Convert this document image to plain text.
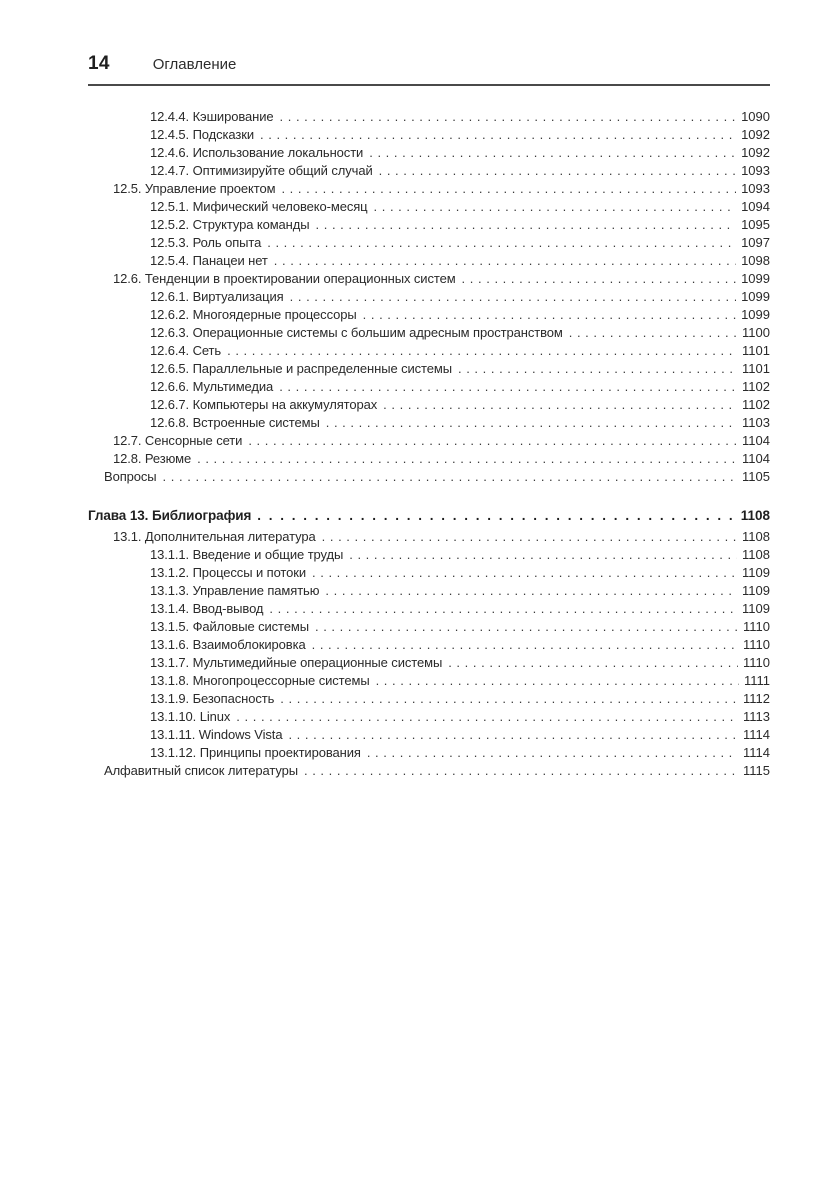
14	Оглавление
12.4.4. Кэширование . . .	1090
12.4.5. Подсказки . . .	1092
12.4.6. Использование локальности . . .	1092
12.4.7. Оптимизируйте общий случай . . .	1093
12.5. Управление проектом . . .	1093
12.5.1. Мифический человеко-месяц . . .	1094
12.5.2. Структура команды . . .	1095
12.5.3. Роль опыта . . .	1097
12.5.4. Панацеи нет . . .	1098
12.6. Тенденции в проектировании операционных систем . . .	1099
12.6.1. Виртуализация . . .	1099
12.6.2. Многоядерные процессоры . . .	1099
12.6.3. Операционные системы с большим адресным пространством . . .	1100
12.6.4. Сеть . . .	1101
12.6.5. Параллельные и распределенные системы . . .	1101
12.6.6. Мультимедиа . . .	1102
12.6.7. Компьютеры на аккумуляторах . . .	1102
12.6.8. Встроенные системы . . .	1103
12.7. Сенсорные сети . . .	1104
12.8. Резюме . . .	1104
Вопросы . . .	1105
Глава 13. Библиография . . .	1108
13.1. Дополнительная литература . . .	1108
13.1.1. Введение и общие труды . . .	1108
13.1.2. Процессы и потоки . . .	1109
13.1.3. Управление памятью . . .	1109
13.1.4. Ввод-вывод . . .	1109
13.1.5. Файловые системы . . .	1110
13.1.6. Взаимоблокировка . . .	1110
13.1.7. Мультимедийные операционные системы . . .	1110
13.1.8. Многопроцессорные системы . . .	1111
13.1.9. Безопасность . . .	1112
13.1.10. Linux . . .	1113
13.1.11. Windows Vista . . .	1114
13.1.12. Принципы проектирования . . .	1114
Алфавитный список литературы . . .	1115
